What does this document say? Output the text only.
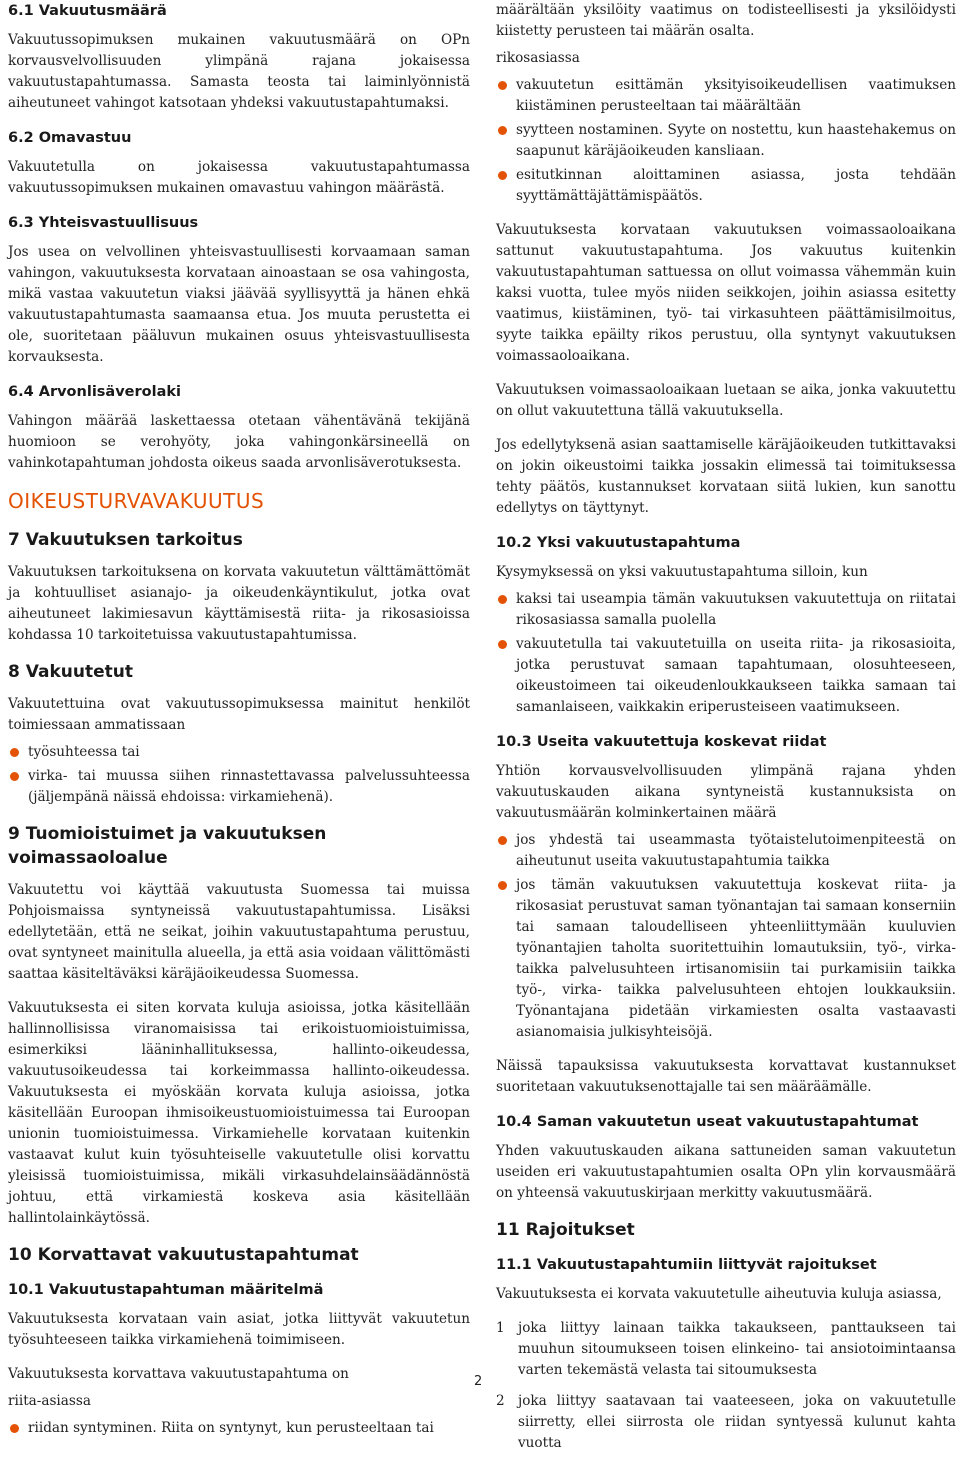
6.1 Vakuutusmäärä

Vakuutussopimuksen mukainen vakuutusmäärä on OPn korvausvelvollisuuden ylimpänä rajana jokaisessa vakuutustapahtumassa. Samasta teosta tai laiminlyönnistä aiheutuneet vahingot katsotaan yhdeksi vakuutustapahtumaksi.

6.2 Omavastuu

Vakuutetulla on jokaisessa vakuutustapahtumassa vakuutussopimuksen mukainen omavastuu vahingon määrästä.

6.3 Yhteisvastuullisuus

Jos usea on velvollinen yhteisvastuullisesti korvaamaan saman vahingon, vakuutuksesta korvataan ainoastaan se osa vahingosta, mikä vastaa vakuutetun viaksi jäävää syyllisyyttä ja hänen ehkä vakuutustapahtumasta saamaansa etua. Jos muuta perustetta ei ole, suoritetaan pääluvun mukainen osuus yhteisvastuullisesta korvauksesta.

6.4 Arvonlisäverolaki

Vahingon määrää laskettaessa otetaan vähentävänä tekijänä huomioon se verohyöty, joka vahingonkärsineellä on vahinkotapahtuman johdosta oikeus saada arvonlisäverotuksesta.

OIKEUSTURVAVAKUUTUS
7 Vakuutuksen tarkoitus

Vakuutuksen tarkoituksena on korvata vakuutetun välttämättömät ja kohtuulliset asianajo- ja oikeudenkäyntikulut, jotka ovat aiheutuneet lakimiesavun käyttämisestä riita- ja rikosasioissa kohdassa 10 tarkoitetuissa vakuutustapahtumissa.

8 Vakuutetut

Vakuutettuina ovat vakuutussopimuksessa mainitut henkilöt toimiessaan ammatissaan

työsuhteessa tai
virka- tai muussa siihen rinnastettavassa palvelussuhteessa (jäljempänä näissä ehdoissa: virkamiehenä).
9 Tuomioistuimet ja vakuutuksen voimassaoloalue

Vakuutettu voi käyttää vakuutusta Suomessa tai muissa Pohjoismaissa syntyneissä vakuutustapahtumissa. Lisäksi edellytetään, että ne seikat, joihin vakuutustapahtuma perustuu, ovat syntyneet mainitulla alueella, ja että asia voidaan välittömästi saattaa käsiteltäväksi käräjäoikeudessa Suomessa.

Vakuutuksesta ei siten korvata kuluja asioissa, jotka käsitellään hallinnollisissa viranomaisissa tai erikoistuomioistuimissa, esimerkiksi lääninhallituksessa, hallinto-oikeudessa, vakuutusoikeudessa tai korkeimmassa hallinto-oikeudessa. Vakuutuksesta ei myöskään korvata kuluja asioissa, jotka käsitellään Euroopan ihmisoikeustuomioistuimessa tai Euroopan unionin tuomioistuimessa. Virkamiehelle korvataan kuitenkin vastaavat kulut kuin työsuhteiselle vakuutetulle olisi korvattu yleisissä tuomioistuimissa, mikäli virkasuhdelainsäädännöstä johtuu, että virkamiestä koskeva asia käsitellään hallintolainkäytössä.

10 Korvattavat vakuutustapahtumat
10.1 Vakuutustapahtuman määritelmä

Vakuutuksesta korvataan vain asiat, jotka liittyvät vakuutetun työsuhteeseen taikka virkamiehenä toimimiseen.

Vakuutuksesta korvattava vakuutustapahtuma on

riita-asiassa

riidan syntyminen. Riita on syntynyt, kun perusteeltaan tai

määrältään yksilöity vaatimus on todisteellisesti ja yksilöidysti kiistetty perusteen tai määrän osalta.

rikosasiassa

vakuutetun esittämän yksityisoikeudellisen vaatimuksen kiistäminen perusteeltaan tai määrältään
syytteen nostaminen. Syyte on nostettu, kun haastehakemus on saapunut käräjäoikeuden kansliaan.
esitutkinnan aloittaminen asiassa, josta tehdään syyttämättäjättämispäätös.

Vakuutuksesta korvataan vakuutuksen voimassaoloaikana sattunut vakuutustapahtuma. Jos vakuutus kuitenkin vakuutustapahtuman sattuessa on ollut voimassa vähemmän kuin kaksi vuotta, tulee myös niiden seikkojen, joihin asiassa esitetty vaatimus, kiistäminen, työ- tai virkasuhteen päättämisilmoitus, syyte taikka epäilty rikos perustuu, olla syntynyt vakuutuksen voimassaoloaikana.

Vakuutuksen voimassaoloaikaan luetaan se aika, jonka vakuutettu on ollut vakuutettuna tällä vakuutuksella.

Jos edellytyksenä asian saattamiselle käräjäoikeuden tutkittavaksi on jokin oikeustoimi taikka jossakin elimessä tai toimituksessa tehty päätös, kustannukset korvataan siitä lukien, kun sanottu edellytys on täyttynyt.

10.2 Yksi vakuutustapahtuma

Kysymyksessä on yksi vakuutustapahtuma silloin, kun

kaksi tai useampia tämän vakuutuksen vakuutettuja on riitatai rikosasiassa samalla puolella
vakuutetulla tai vakuutetuilla on useita riita- ja rikosasioita, jotka perustuvat samaan tapahtumaan, olosuhteeseen, oikeustoimeen tai oikeudenloukkaukseen taikka samaan tai samanlaiseen, vaikkakin eriperusteiseen vaatimukseen.
10.3 Useita vakuutettuja koskevat riidat

Yhtiön korvausvelvollisuuden ylimpänä rajana yhden vakuutuskauden aikana syntyneistä kustannuksista on vakuutusmäärän kolminkertainen määrä

jos yhdestä tai useammasta työtaistelutoimenpiteestä on aiheutunut useita vakuutustapahtumia taikka
jos tämän vakuutuksen vakuutettuja koskevat riita- ja rikosasiat perustuvat saman työnantajan tai samaan konserniin tai samaan taloudelliseen yhteenliittymään kuuluvien työnantajien taholta suoritettuihin lomautuksiin, työ-, virka- taikka palvelusuhteen irtisanomisiin tai purkamisiin taikka työ-, virka- taikka palvelusuhteen ehtojen loukkauksiin. Työnantajana pidetään virkamiesten osalta vastaavasti asianomaisia julkisyhteisöjä.

Näissä tapauksissa vakuutuksesta korvattavat kustannukset suoritetaan vakuutuksenottajalle tai sen määräämälle.

10.4 Saman vakuutetun useat vakuutustapahtumat

Yhden vakuutuskauden aikana sattuneiden saman vakuutetun useiden eri vakuutustapahtumien osalta OPn ylin korvausmäärä on yhteensä vakuutuskirjaan merkitty vakuutusmäärä.

11 Rajoitukset
11.1 Vakuutustapahtumiin liittyvät rajoitukset

Vakuutuksesta ei korvata vakuutetulle aiheutuvia kuluja asiassa,

1 joka liittyy lainaan taikka takaukseen, panttaukseen tai muuhun sitoumukseen toisen elinkeino- tai ansiotoimintaansa varten tekemästä velasta tai sitoumuksesta
2 joka liittyy saatavaan tai vaateeseen, joka on vakuutetulle siirretty, ellei siirrosta ole riidan syntyessä kulunut kahta vuotta
2
